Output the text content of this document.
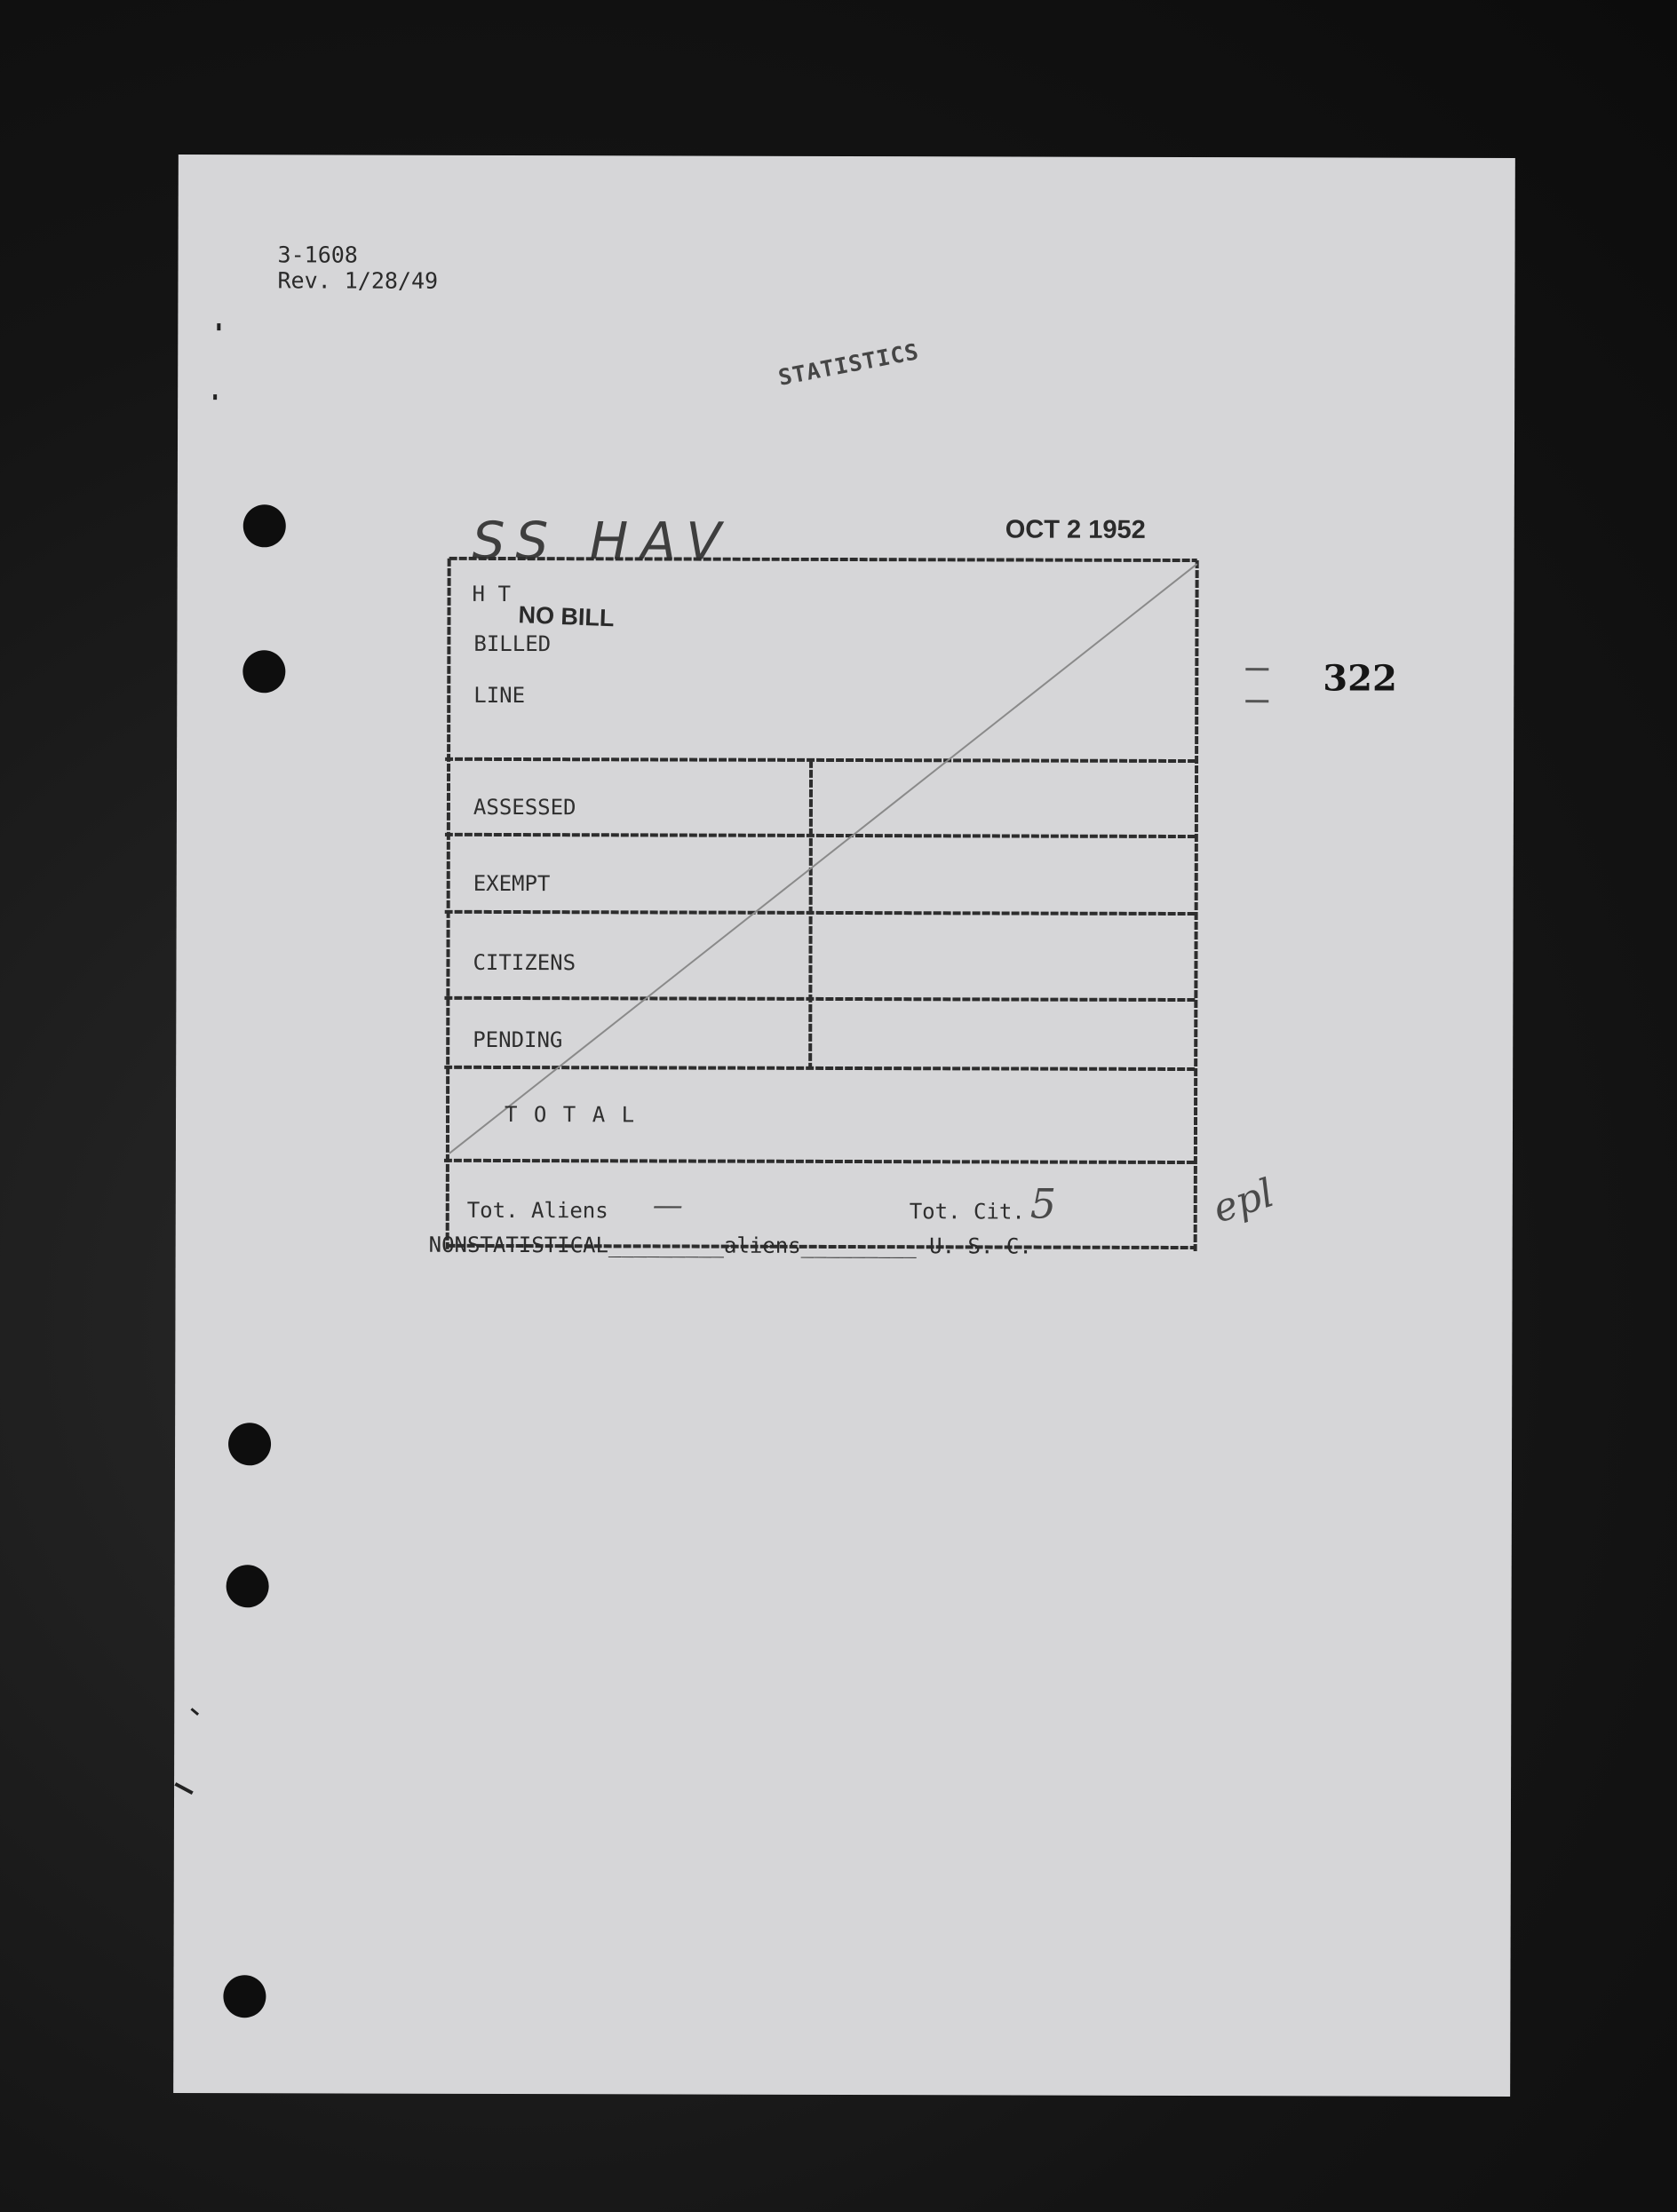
3-1608
Rev. 1/28/49
STATISTICS
SS HAV	OCT 2 1952
322
H T
BILLED
LINE
ASSESSED
EXEMPT
CITIZENS
PENDING
T O T A L
Tot. Aliens —	Tot. Cit. 5
NO BILL
epl
NONSTATISTICAL_________aliens_________ U. S. C.
